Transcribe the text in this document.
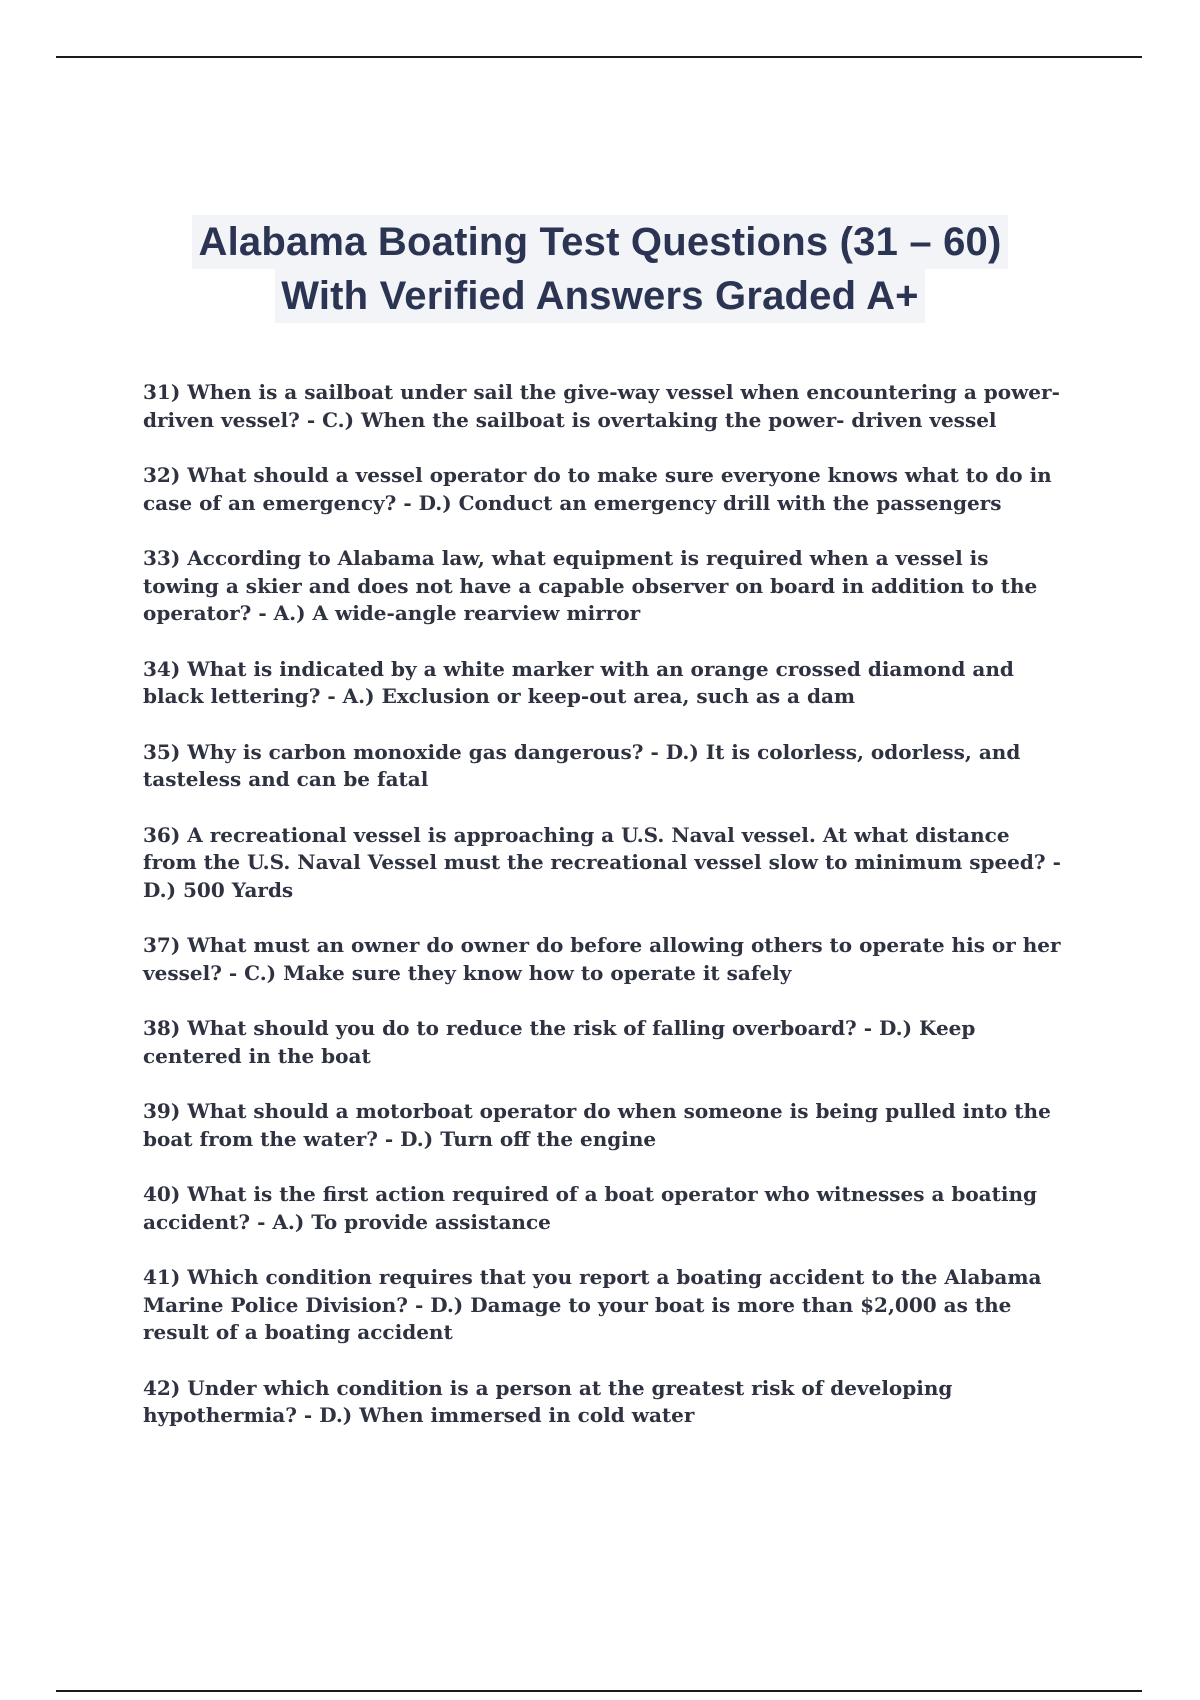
Alabama Boating Test Questions (31 – 60)
With Verified Answers Graded A+
31) When is a sailboat under sail the give-way vessel when encountering a power-driven vessel? - C.) When the sailboat is overtaking the power- driven vessel
32) What should a vessel operator do to make sure everyone knows what to do in case of an emergency? - D.) Conduct an emergency drill with the passengers
33) According to Alabama law, what equipment is required when a vessel is towing a skier and does not have a capable observer on board in addition to the operator? - A.) A wide-angle rearview mirror
34) What is indicated by a white marker with an orange crossed diamond and black lettering? - A.) Exclusion or keep-out area, such as a dam
35) Why is carbon monoxide gas dangerous? - D.) It is colorless, odorless, and tasteless and can be fatal
36) A recreational vessel is approaching a U.S. Naval vessel. At what distance from the U.S. Naval Vessel must the recreational vessel slow to minimum speed? - D.) 500 Yards
37) What must an owner do owner do before allowing others to operate his or her vessel? - C.) Make sure they know how to operate it safely
38) What should you do to reduce the risk of falling overboard? - D.) Keep centered in the boat
39) What should a motorboat operator do when someone is being pulled into the boat from the water? - D.) Turn off the engine
40) What is the first action required of a boat operator who witnesses a boating accident? - A.) To provide assistance
41) Which condition requires that you report a boating accident to the Alabama Marine Police Division? - D.) Damage to your boat is more than $2,000 as the result of a boating accident
42) Under which condition is a person at the greatest risk of developing hypothermia? - D.) When immersed in cold water
